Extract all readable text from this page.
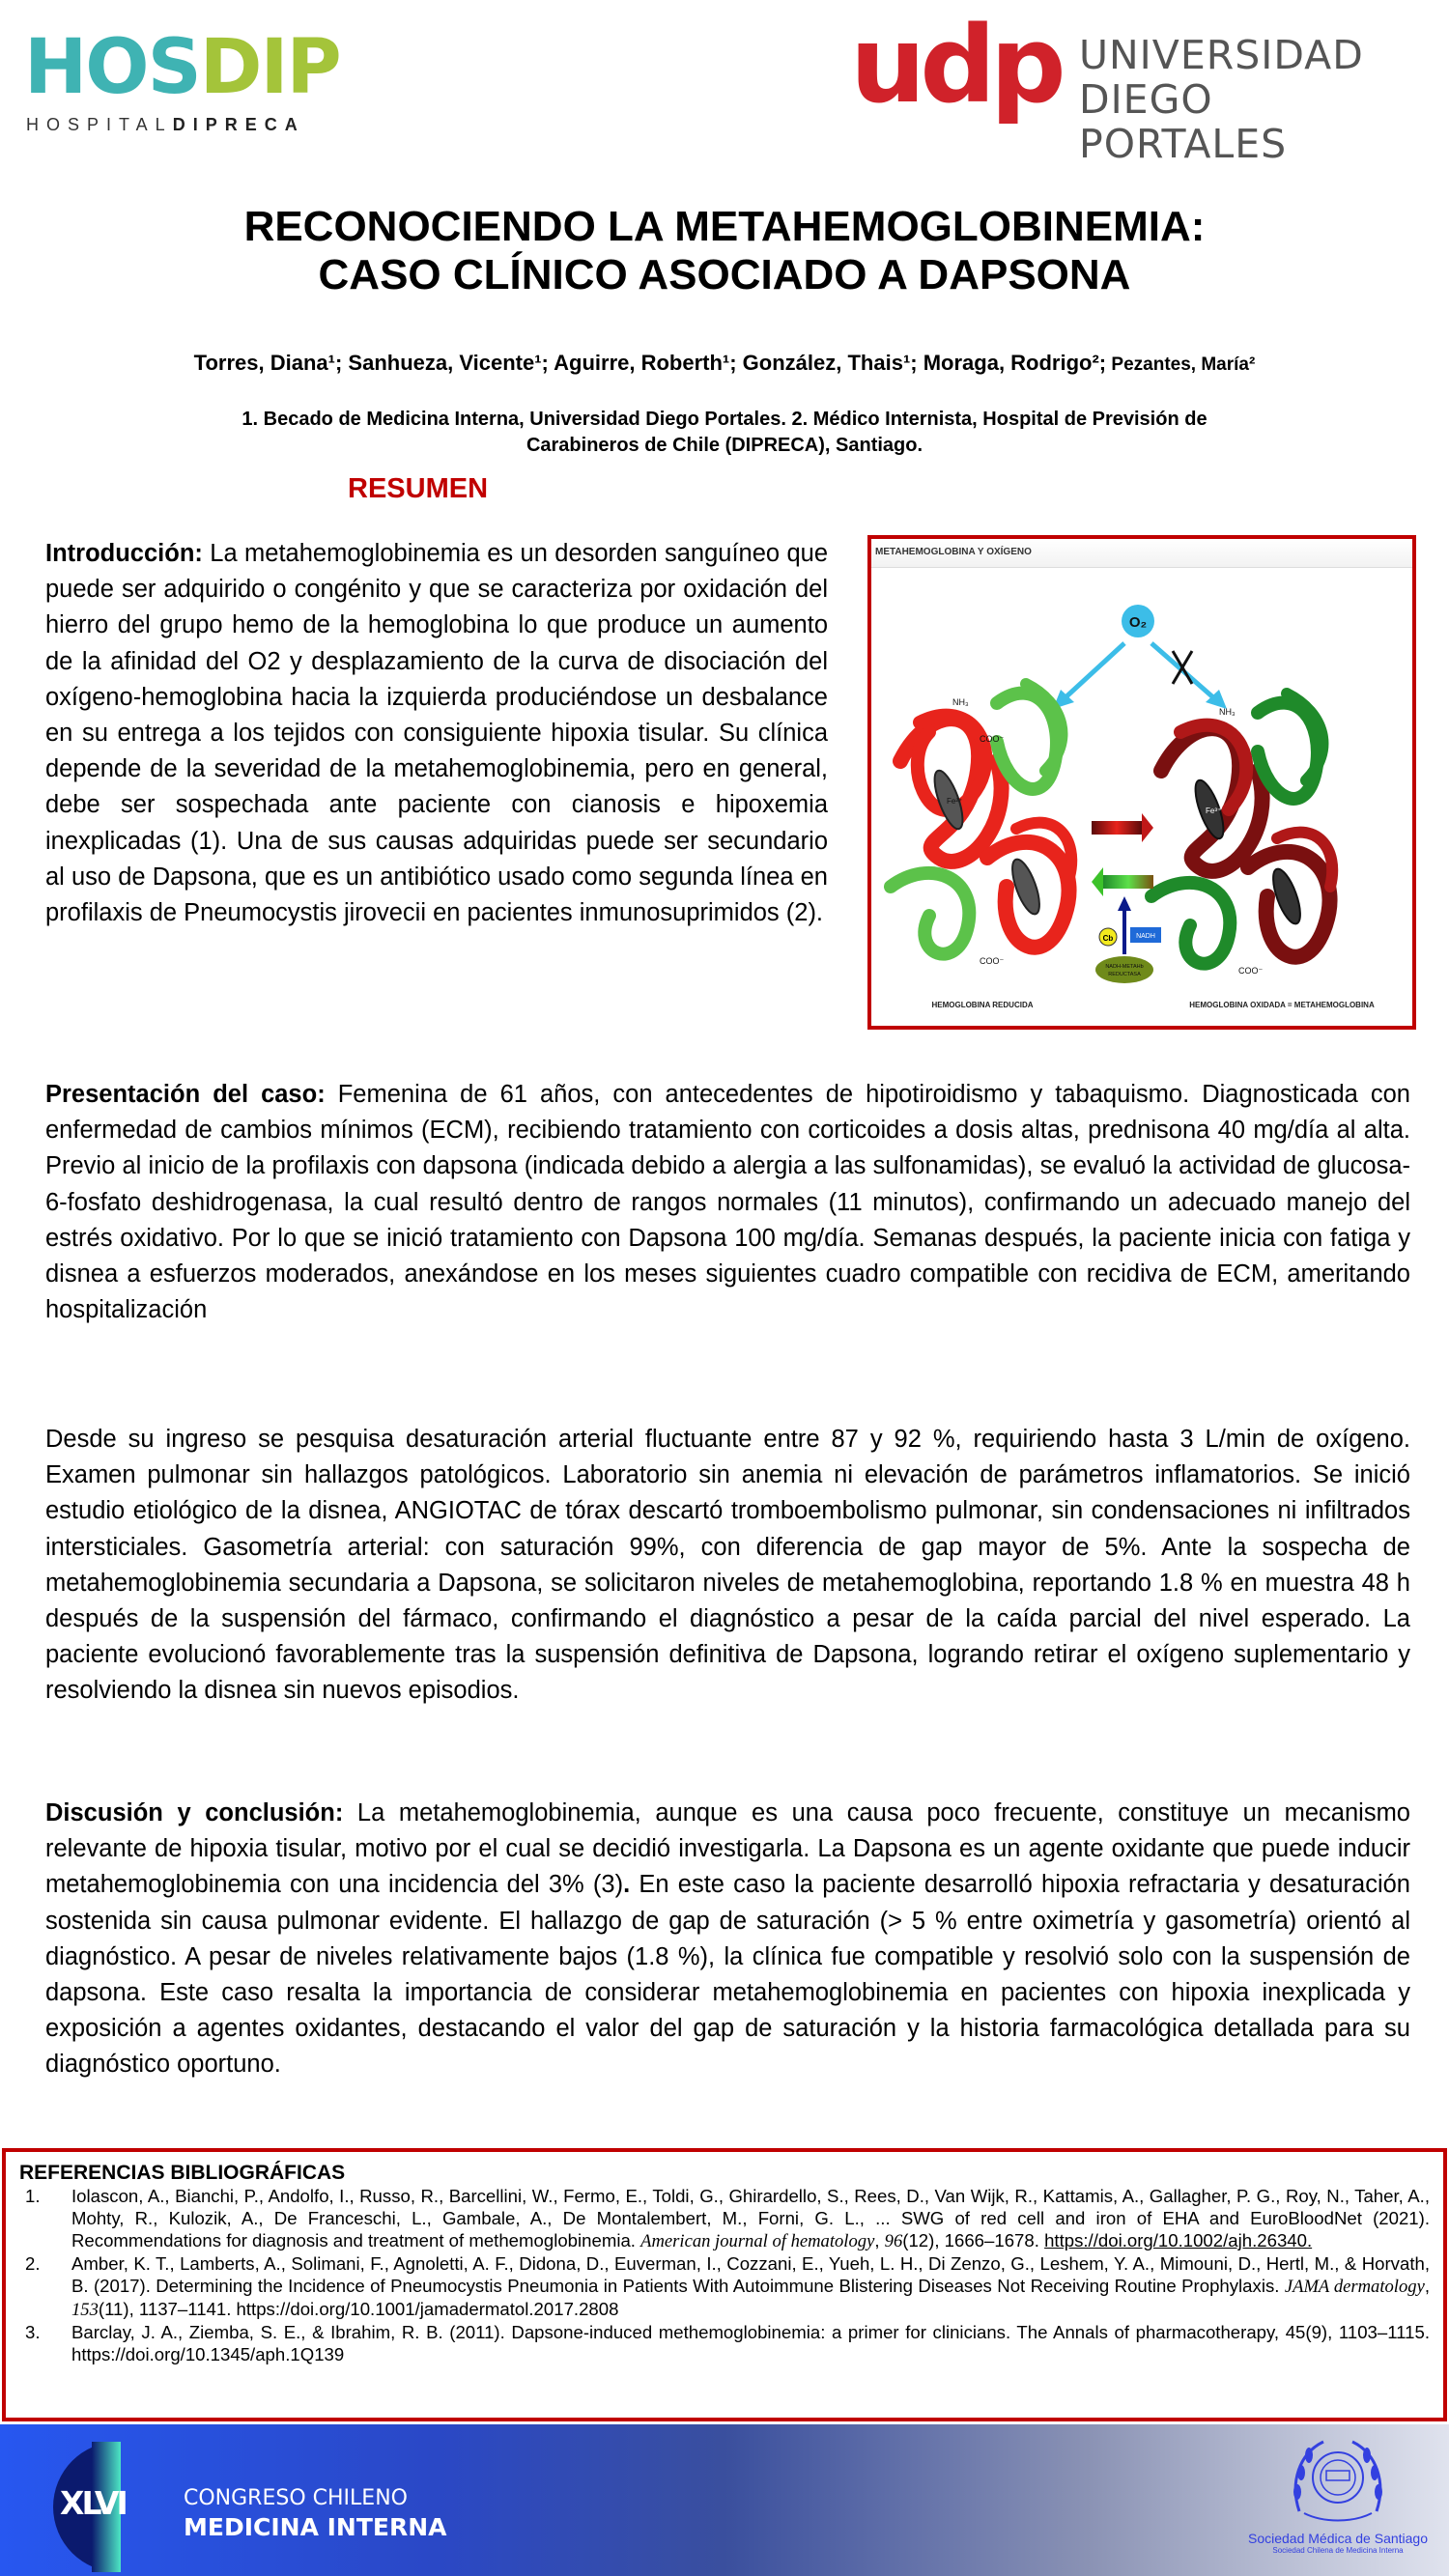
HOSDIP
HOSPITALDIPRECA	udp UNIVERSIDAD
DIEGO PORTALES
RECONOCIENDO LA METAHEMOGLOBINEMIA:
CASO CLÍNICO ASOCIADO A DAPSONA
Torres, Diana¹; Sanhueza, Vicente¹; Aguirre, Roberth¹; González, Thais¹; Moraga, Rodrigo²; Pezantes, María²
1. Becado de Medicina Interna, Universidad Diego Portales. 2. Médico Internista, Hospital de Previsión de
Carabineros de Chile (DIPRECA), Santiago.
RESUMEN
Introducción: La metahemoglobinemia es un desorden sanguíneo que puede ser adquirido o congénito y que se caracteriza por oxidación del hierro del grupo hemo de la hemoglobina lo que produce un aumento de la afinidad del O2 y desplazamiento de la curva de disociación del oxígeno-hemoglobina hacia la izquierda produciéndose un desbalance en su entrega a los tejidos con consiguiente hipoxia tisular. Su clínica depende de la severidad de la metahemoglobinemia, pero en general, debe ser sospechada ante paciente con cianosis e hipoxemia inexplicadas (1). Una de sus causas adquiridas puede ser secundario al uso de Dapsona, que es un antibiótico usado como segunda línea en profilaxis de Pneumocystis jirovecii en pacientes inmunosuprimidos (2).
METAHEMOGLOBINA Y OXÍGENO
O₂
Fe²⁺
NH₃
COO⁻
COO⁻
Fe³⁺
NH₃
COO⁻
Cb	NADH
NADH-METAHb
REDUCTASA
HEMOGLOBINA REDUCIDA	HEMOGLOBINA OXIDADA = METAHEMOGLOBINA
Presentación del caso: Femenina de 61 años, con antecedentes de hipotiroidismo y tabaquismo. Diagnosticada con enfermedad de cambios mínimos (ECM), recibiendo tratamiento con corticoides a dosis altas, prednisona 40 mg/día al alta. Previo al inicio de la profilaxis con dapsona (indicada debido a alergia a las sulfonamidas), se evaluó la actividad de glucosa-6-fosfato deshidrogenasa, la cual resultó dentro de rangos normales (11 minutos), confirmando un adecuado manejo del estrés oxidativo. Por lo que se inició tratamiento con Dapsona 100 mg/día. Semanas después, la paciente inicia con fatiga y disnea a esfuerzos moderados, anexándose en los meses siguientes cuadro compatible con recidiva de ECM, ameritando hospitalización
Desde su ingreso se pesquisa desaturación arterial fluctuante entre 87 y 92 %, requiriendo hasta 3 L/min de oxígeno. Examen pulmonar sin hallazgos patológicos. Laboratorio sin anemia ni elevación de parámetros inflamatorios. Se inició estudio etiológico de la disnea, ANGIOTAC de tórax descartó tromboembolismo pulmonar, sin condensaciones ni infiltrados intersticiales. Gasometría arterial: con saturación 99%, con diferencia de gap mayor de 5%. Ante la sospecha de metahemoglobinemia secundaria a Dapsona, se solicitaron niveles de metahemoglobina, reportando 1.8 % en muestra 48 h después de la suspensión del fármaco, confirmando el diagnóstico a pesar de la caída parcial del nivel esperado. La paciente evolucionó favorablemente tras la suspensión definitiva de Dapsona, logrando retirar el oxígeno suplementario y resolviendo la disnea sin nuevos episodios.
Discusión y conclusión: La metahemoglobinemia, aunque es una causa poco frecuente, constituye un mecanismo relevante de hipoxia tisular, motivo por el cual se decidió investigarla. La Dapsona es un agente oxidante que puede inducir metahemoglobinemia con una incidencia del 3% (3). En este caso la paciente desarrolló hipoxia refractaria y desaturación sostenida sin causa pulmonar evidente. El hallazgo de gap de saturación (> 5 % entre oximetría y gasometría) orientó al diagnóstico. A pesar de niveles relativamente bajos (1.8 %), la clínica fue compatible y resolvió solo con la suspensión de dapsona. Este caso resalta la importancia de considerar metahemoglobinemia en pacientes con hipoxia inexplicada y exposición a agentes oxidantes, destacando el valor del gap de saturación y la historia farmacológica detallada para su diagnóstico oportuno.
REFERENCIAS BIBLIOGRÁFICAS
1. Iolascon, A., Bianchi, P., Andolfo, I., Russo, R., Barcellini, W., Fermo, E., Toldi, G., Ghirardello, S., Rees, D., Van Wijk, R., Kattamis, A., Gallagher, P. G., Roy, N., Taher, A., Mohty, R., Kulozik, A., De Franceschi, L., Gambale, A., De Montalembert, M., Forni, G. L., ... SWG of red cell and iron of EHA and EuroBloodNet (2021). Recommendations for diagnosis and treatment of methemoglobinemia. American journal of hematology, 96(12), 1666–1678. https://doi.org/10.1002/ajh.26340.
2. Amber, K. T., Lamberts, A., Solimani, F., Agnoletti, A. F., Didona, D., Euverman, I., Cozzani, E., Yueh, L. H., Di Zenzo, G., Leshem, Y. A., Mimouni, D., Hertl, M., & Horvath, B. (2017). Determining the Incidence of Pneumocystis Pneumonia in Patients With Autoimmune Blistering Diseases Not Receiving Routine Prophylaxis. JAMA dermatology, 153(11), 1137–1141. https://doi.org/10.1001/jamadermatol.2017.2808
3. Barclay, J. A., Ziemba, S. E., & Ibrahim, R. B. (2011). Dapsone-induced methemoglobinemia: a primer for clinicians. The Annals of pharmacotherapy, 45(9), 1103–1115. https://doi.org/10.1345/aph.1Q139
XLVI	CONGRESO CHILENO
MEDICINA INTERNA	Sociedad Médica de Santiago
Sociedad Chilena de Medicina Interna
